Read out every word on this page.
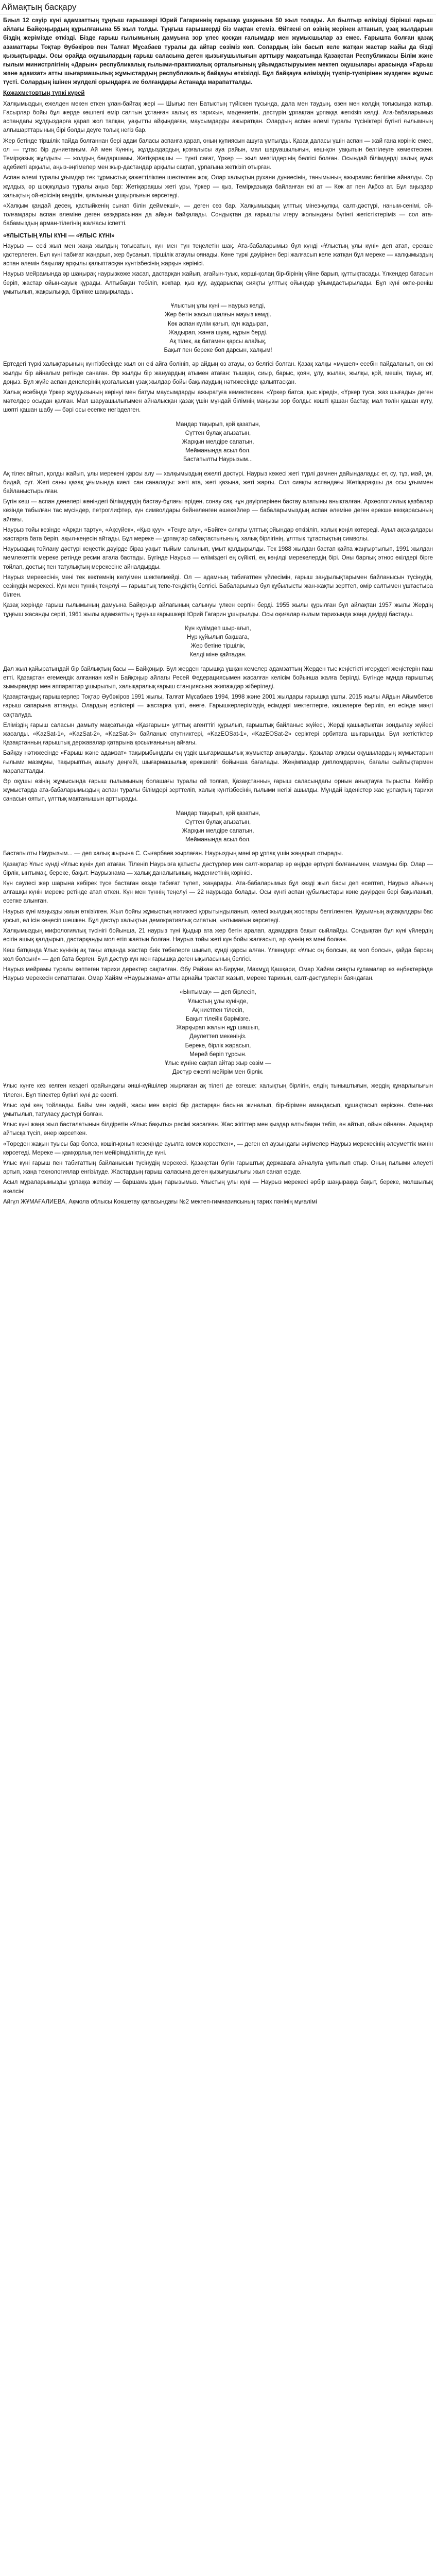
Аймақтың басқару

Биыл 12 сәуір күні адамзаттың тұңғыш ғарышкері Юрий Гагариннің ғарышқа ұшқанына 50 жыл толады. Ал былтыр елімізді бірінші ғарыш айлағы Байқоңырдың құрылғанына 55 жыл толды. Тұңғыш ғарышкерді біз мақтан етеміз. Өйткені ол өзінің жерінен аттанып, ұзақ жылдарын біздің жерімізде өткізді. Бізде ғарыш ғылымының дамуына зор үлес қосқан ғалымдар мен жұмысшылар аз емес. Ғарышта болған қазақ азаматтары Тоқтар Әубәкіров пен Талғат Мұсабаев туралы да айтар сөзіміз көп. Солардың ізін басып келе жатқан жастар жайы да бізді қызықтырады. Осы орайда оқушылардың ғарыш саласына деген қызығушылығын арттыру мақсатында Қазақстан Республикасы Білім және ғылым министрлігінің «Дарын» республикалық ғылыми-практикалық орталығының ұйымдастыруымен мектеп оқушылары арасында «Ғарыш және адамзат» атты шығармашылық жұмыстардың республикалық байқауы өткізілді. Бұл байқауға еліміздің түкпір-түкпірінен жүздеген жұмыс түсті. Солардың ішінен жүлделі орындарға ие болғандары Астанада марапатталды.

Қожахметовтың түпкі күрей

Халқымыздың ежелден мекен еткен ұлан-байтақ жері — Шығыс пен Батыстың түйіскен тұсында, дала мен таудың, өзен мен көлдің тоғысында жатыр. Ғасырлар бойы бұл жерде көшпелі өмір салтын ұстанған халық өз тарихын, мәдениетін, дәстүрін ұрпақтан ұрпаққа жеткізіп келді. Ата-бабаларымыз аспандағы жұлдыздарға қарап жол тапқан, уақытты айқындаған, маусымдарды ажыратқан. Олардың аспан әлемі туралы түсініктері бүгінгі ғылымның алғышарттарының бірі болды деуге толық негіз бар.

Жер бетінде тіршілік пайда болғаннан бері адам баласы аспанға қарап, оның құпиясын ашуға ұмтылды. Қазақ даласы үшін аспан — жай ғана көрініс емес, ол — тұтас бір дүниетаным. Ай мен Күннің, жұлдыздардың қозғалысы ауа райын, мал шаруашылығын, көш-қон уақытын белгілеуге көмектескен. Темірқазық жұлдызы — жолдың бағдаршамы, Жетіқарақшы — түнгі сағат, Үркер — жыл мезгілдерінің белгісі болған. Осындай білімдерді халық ауыз әдебиеті арқылы, аңыз-әңгімелер мен жыр-дастандар арқылы сақтап, ұрпағына жеткізіп отырған.

Аспан әлемі туралы ұғымдар тек тұрмыстық қажеттілікпен шектелген жоқ. Олар халықтың рухани дүниесінің, танымының ажырамас бөлігіне айналды. Әр жұлдыз, әр шоқжұлдыз туралы аңыз бар: Жетіқарақшы жеті ұры, Үркер — қыз, Темірқазыққа байланған екі ат — Көк ат пен Ақбоз ат. Бұл аңыздар халықтың ой-өрісінің кеңдігін, қиялының ұшқырлығын көрсетеді.

«Халқым қандай десең, қастыйкенің сынап білін деймекші», — деген сөз бар. Халқымыздың ұлттық мінез-құлқы, салт-дәстүрі, наным-сенімі, ой-толғамдары аспан әлеміне деген көзқарасынан да айқын байқалады. Сондықтан да ғарышты игеру жолындағы бүгінгі жетістіктеріміз — сол ата-бабамыздың арман-тілегінің жалғасы іспетті.

«ҰЛЫСТЫҢ ҰЛЫ КҮНІ — «ҰЛЫС КҮНІ»

Наурыз — ескі жыл мен жаңа жылдың тоғысатын, күн мен түн теңелетін шақ. Ата-бабаларымыз бұл күнді «Ұлыстың ұлы күні» деп атап, ерекше қастерлеген. Бұл күні табиғат жаңарып, жер бусанып, тіршілік атаулы оянады. Көне түркі дәуірінен бері жалғасып келе жатқан бұл мереке — халқымыздың аспан әлемін бақылау арқылы қалыптасқан күнтізбесінің жарқын көрінісі.

Наурыз мейрамында әр шаңырақ наурызкөже жасап, дастарқан жайып, ағайын-туыс, көрші-қолаң бір-бірінің үйіне барып, құттықтасады. Үлкендер батасын беріп, жастар ойын-сауық құрады. Алтыбақан тебіліп, көкпар, қыз қуу, аударыспақ сияқты ұлттық ойындар ұйымдастырылады. Бұл күні өкпе-реніш ұмытылып, жақсылыққа, бірлікке шақырылады.

Ұлыстың ұлы күні — наурыз келді,
Жер бетін жасыл шалғын мауыз көмді.
Көк аспан күлім қағып, күн жадырап,
Жадырап, жанға шуақ, нұрын берді.
Ақ тілек, ақ батамен қарсы алайық,
Бақыт пен береке боп дарсын, халқым!

Ертедегі түркі халықтарының күнтізбесінде жыл он екі айға бөлініп, әр айдың өз атауы, өз белгісі болған. Қазақ халқы «мүшел» есебін пайдаланып, он екі жылды бір айналым ретінде санаған. Әр жылды бір жануардың атымен атаған: тышқан, сиыр, барыс, қоян, ұлу, жылан, жылқы, қой, мешін, тауық, ит, доңыз. Бұл жүйе аспан денелерінің қозғалысын ұзақ жылдар бойы бақылаудың нәтижесінде қалыптасқан.

Халық есебінде Үркер жұлдызының көрінуі мен батуы маусымдарды ажыратуға көмектескен. «Үркер батса, қыс кіреді», «Үркер туса, жаз шығады» деген мәтелдер осыдан қалған. Мал шаруашылығымен айналысқан қазақ үшін мұндай білімнің маңызы зор болды: көшті қашан бастау, мал төлін қашан күту, шөпті қашан шабу — бәрі осы есепке негізделген.

Мандар тақырып, қой қазатын,
Сүттен бұлақ ағызатын,
Жарқын мелдіре сапатын,
Мейманында асыл бол.
Бастапылты Наурызым...

Ақ тілек айтып, қолды жайып, ұлы мерекені қарсы алу — халқымыздың ежелгі дәстүрі. Наурыз көжесі жеті түрлі дәмнен дайындалады: ет, су, тұз, май, ұн, бидай, сүт. Жеті саны қазақ ұғымында киелі сан саналады: жеті ата, жеті қазына, жеті жарғы. Сол сияқты аспандағы Жетіқарақшы да осы ұғыммен байланыстырылған.

Бүгін кеш — аспан денелері жөніндегі білімдердің бастау-бұлағы әріден, сонау сақ, ғұн дәуірлерінен бастау алатыны анықталған. Археологиялық қазбалар кезінде табылған тас мүсіндер, петроглифтер, күн символдары бейнеленген әшекейлер — бабаларымыздың аспан әлеміне деген ерекше көзқарасының айғағы.

Наурыз тойы кезінде «Арқан тарту», «Ақсүйек», «Қыз қуу», «Теңге алу», «Бәйге» сияқты ұлттық ойындар өткізіліп, халық көңіл көтереді. Ауыл ақсақалдары жастарға бата беріп, ақыл-кеңесін айтады. Бұл мереке — ұрпақтар сабақтастығының, халық бірлігінің, ұлттық тұтастықтың символы.

Наурыздың тойлану дәстүрі кеңестік дәуірде біраз уақыт тыйым салынып, ұмыт қалдырылды. Тек 1988 жылдан бастап қайта жаңғыртылып, 1991 жылдан мемлекеттік мереке ретінде ресми атала бастады. Бүгінде Наурыз — еліміздегі ең сүйікті, ең көңілді мерекелердің бірі. Оны барлық этнос өкілдері бірге тойлап, достық пен татулықтың мерекесіне айналдырды.

Наурыз мерекесінің мәні тек көктемнің келуімен шектелмейді. Ол — адамның табиғатпен үйлесімін, ғарыш заңдылықтарымен байланысын түсінудің, сезінудің мерекесі. Күн мен түннің теңелуі — ғарыштық тепе-теңдіктің белгісі. Бабаларымыз бұл құбылысты жан-жақты зерттеп, өмір салтымен ұштастыра білген.

Қазақ жерінде ғарыш ғылымының дамуына Байқоңыр айлағының салынуы үлкен серпін берді. 1955 жылы құрылған бұл айлақтан 1957 жылы Жердің тұңғыш жасанды серігі, 1961 жылы адамзаттың тұңғыш ғарышкері Юрий Гагарин ұшырылды. Осы оқиғалар ғылым тарихында жаңа дәуірді бастады.

Күн күлімдеп шыр-ағып,
Нұр құйылып бақшаға,
Жер бетіне тіршілік,
Келді міне қайтадан.

Дәл жыл қайыратындай бір байлықтың басы — Байқоңыр. Бұл жерден ғарышқа ұшқан кемелер адамзаттың Жерден тыс кеңістікті игерудегі жеңістерін паш етті. Қазақстан егемендік алғаннан кейін Байқоңыр айлағы Ресей Федерациясымен жасалған келісім бойынша жалға берілді. Бүгінде мұнда ғарыштық зымырандар мен аппараттар ұшырылып, халықаралық ғарыш станциясына экипаждар жіберіледі.

Қазақстандық ғарышкерлер Тоқтар Әубәкіров 1991 жылы, Талғат Мұсабаев 1994, 1998 және 2001 жылдары ғарышқа ұшты. 2015 жылы Айдын Айымбетов ғарыш сапарына аттанды. Олардың ерліктері — жастарға үлгі, өнеге. Ғарышкерлеріміздің есімдері мектептерге, көшелерге беріліп, ел есінде мәңгі сақталуда.

Еліміздің ғарыш саласын дамыту мақсатында «Қазғарыш» ұлттық агенттігі құрылып, ғарыштық байланыс жүйесі, Жерді қашықтықтан зондылау жүйесі жасалды. «KazSat-1», «KazSat-2», «KazSat-3» байланыс спутниктері, «KazEOSat-1», «KazEOSat-2» серіктері орбитаға шығарылды. Бұл жетістіктер Қазақстанның ғарыштық державалар қатарына қосылғанының айғағы.

Байқау нәтижесінде «Ғарыш және адамзат» тақырыбындағы ең үздік шығармашылық жұмыстар анықталды. Қазылар алқасы оқушылардың жұмыстарын ғылыми мазмұны, тақырыптың ашылу деңгейі, шығармашылық ерекшелігі бойынша бағалады. Жеңімпаздар дипломдармен, бағалы сыйлықтармен марапатталды.

Әр оқушы өзінің жұмысында ғарыш ғылымының болашағы туралы ой толғап, Қазақстанның ғарыш саласындағы орнын анықтауға тырысты. Кейбір жұмыстарда ата-бабаларымыздың аспан туралы білімдері зерттеліп, халық күнтізбесінің ғылыми негізі ашылды. Мұндай ізденістер жас ұрпақтың тарихи санасын оятып, ұлттық мақтанышын арттырады.

Мандар тақырып, қой қазатын,
Сүттен бұлақ ағызатын,
Жарқын мелдіре сапатын,
Мейманында асыл бол.

Бастапылты Наурызым... — деп халық жырына С. Сығарбаев жырлаған. Наурыздың мәні әр ұрпақ үшін жаңарып отырады.

Қазақтар Ұлыс күнді «Ұлыс күні» деп атаған. Тіленіп Наурызға қатысты дәстүрлер мен салт-жоралар әр өңірде әртүрлі болғанымен, мазмұны бір. Олар — бірлік, ынтымақ, береке, бақыт. Наурызнама — халық даналығының, мәдениетінің көрінісі.

Күн сәулесі жер шарына көбірек түсе бастаған кезде табиғат түлеп, жаңарады. Ата-бабаларымыз бұл кезді жыл басы деп есептеп, Наурыз айының алғашқы күнін мереке ретінде атап өткен. Күн мен түннің теңелуі — 22 наурызда болады. Осы күнгі аспан құбылыстары көне дәуірден бері бақыланып, есепке алынған.

Наурыз күні маңызды жиын өткізілген. Жыл бойғы жұмыстың нәтижесі қорытындыланып, келесі жылдың жоспары белгіленген. Қауымның ақсақалдары бас қосып, ел ісін кеңесіп шешкен. Бұл дәстүр халықтың демократиялық сипатын, ынтымағын көрсетеді.

Халқымыздың мифологиялық түсінігі бойынша, 21 наурыз түні Қыдыр ата жер бетін аралап, адамдарға бақыт сыйлайды. Сондықтан бұл күні үйлердің есігін ашық қалдырып, дастарқанды мол етіп жаятын болған. Наурыз тойы жеті күн бойы жалғасып, әр күннің өз мәні болған.

Кеш батқанда Ұлыс күнінің ақ таңы атқанда жастар биік төбелерге шығып, күнді қарсы алған. Үлкендер: «Ұлыс оң болсын, ақ мол болсын, қайда барсаң жол болсын!» — деп бата берген. Бұл дәстүр күн мен ғарышқа деген ықыласының белгісі.

Наурыз мейрамы туралы көптеген тарихи деректер сақталған. Әбу Райхан әл-Бируни, Махмұд Қашқари, Омар Хайям сияқты ғұламалар өз еңбектерінде Наурыз мерекесін сипаттаған. Омар Хайям «Наурызнама» атты арнайы трактат жазып, мереке тарихын, салт-дәстүрлерін баяндаған.

«Ынтымақ» — деп бірлесіп,
Ұлыстың ұлы күнінде,
Ақ ниетпен тілесіп,
Бақыт тілейік бәрімізге.
Жарқырап жалын нұр шашып,
Дәулеттеп мекеніңіз.
Береке, бірлік жарасып,
Мерей беріп тұрсын.
Ұлыс күніне сақтап айтар жыр сөзім —
Дәстүр ежелгі мейірім мен бірлік.

Ұлыс күнге кез келген кездегі орайындағы әнші-күйшілер жырлаған ақ тілегі де өзгеше: халықтың бірлігін, елдің тыныштығын, жердің құнарлылығын тілеген. Бұл тілектер бүгінгі күні де өзекті.

Ұлыс күні кең тойланды. Байы мен кедейі, жасы мен кәрісі бір дастарқан басына жиналып, бір-бірімен амандасып, құшақтасып көріскен. Өкпе-наз ұмытылып, татуласу дәстүрі болған.

Ұлыс күні жаңа жыл басталатынын білдіретін «Ұлыс бақыты» рәсімі жасалған. Жас жігіттер мен қыздар алтыбақан тебіп, ән айтып, ойын ойнаған. Ақындар айтысқа түсіп, өнер көрсеткен.

«Төреден жақын туысы бар болса, көшіп-қонып кезеңінде ауылға көмек көрсеткен», — деген ел аузындағы әңгімелер Наурыз мерекесінің әлеуметтік мәнін көрсетеді. Мереке — қамқорлық пен мейірімділіктің де күні.

Ұлыс күні ғарыш пен табиғаттың байланысын түсінудің мерекесі. Қазақстан бүгін ғарыштық державаға айналуға ұмтылып отыр. Оның ғылыми әлеуеті артып, жаңа технологиялар енгізілуде. Жастардың ғарыш саласына деген қызығушылығы жыл санап өсуде.

Асыл мұраларымызды ұрпаққа жеткізу — баршамыздың парызымыз. Ұлыстың ұлы күні — Наурыз мерекесі әрбір шаңыраққа бақыт, береке, молшылық әкелсін!

Айгүл ЖҰМАҒАЛИЕВА, Ақмола облысы Кокшетау қаласындағы №2 мектеп-гимназиясының тарих пәнінің мұғалімі
